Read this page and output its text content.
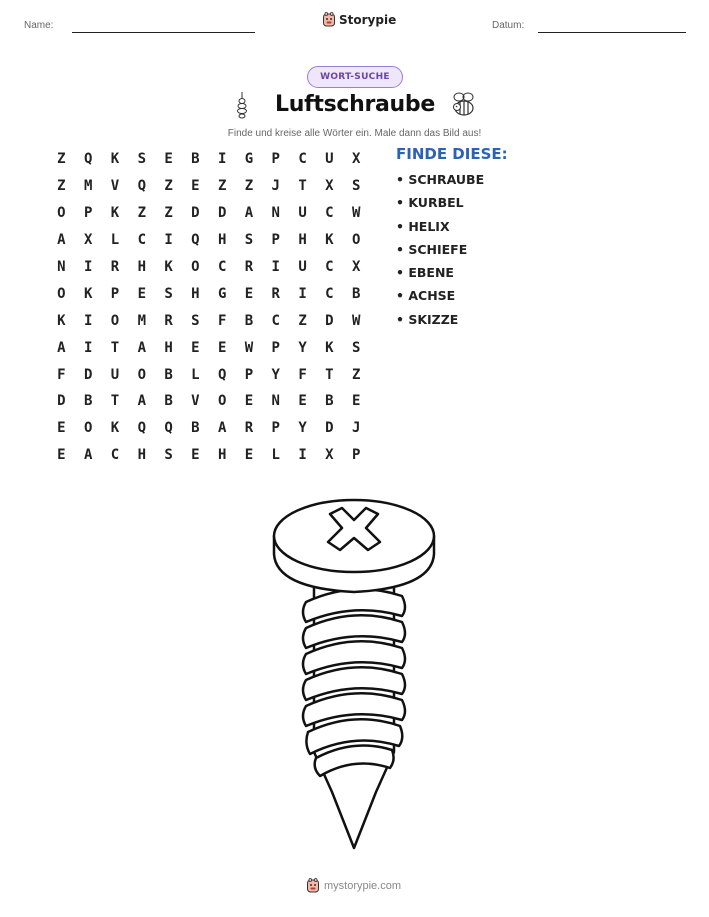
Name:	Storypie	Datum:
WORT-SUCHE
Luftschraube
Finde und kreise alle Wörter ein. Male dann das Bild aus!
Z	Q	K	S	E	B	I	G	P	C	U	X
Z	M	V	Q	Z	E	Z	Z	J	T	X	S
O	P	K	Z	Z	D	D	A	N	U	C	W
A	X	L	C	I	Q	H	S	P	H	K	O
N	I	R	H	K	O	C	R	I	U	C	X
O	K	P	E	S	H	G	E	R	I	C	B
K	I	O	M	R	S	F	B	C	Z	D	W
A	I	T	A	H	E	E	W	P	Y	K	S
F	D	U	O	B	L	Q	P	Y	F	T	Z
D	B	T	A	B	V	O	E	N	E	B	E
E	O	K	Q	Q	B	A	R	P	Y	D	J
E	A	C	H	S	E	H	E	L	I	X	P
FINDE DIESE:
• SCHRAUBE
• KURBEL
• HELIX
• SCHIEFE
• EBENE
• ACHSE
• SKIZZE
mystorypie.com
